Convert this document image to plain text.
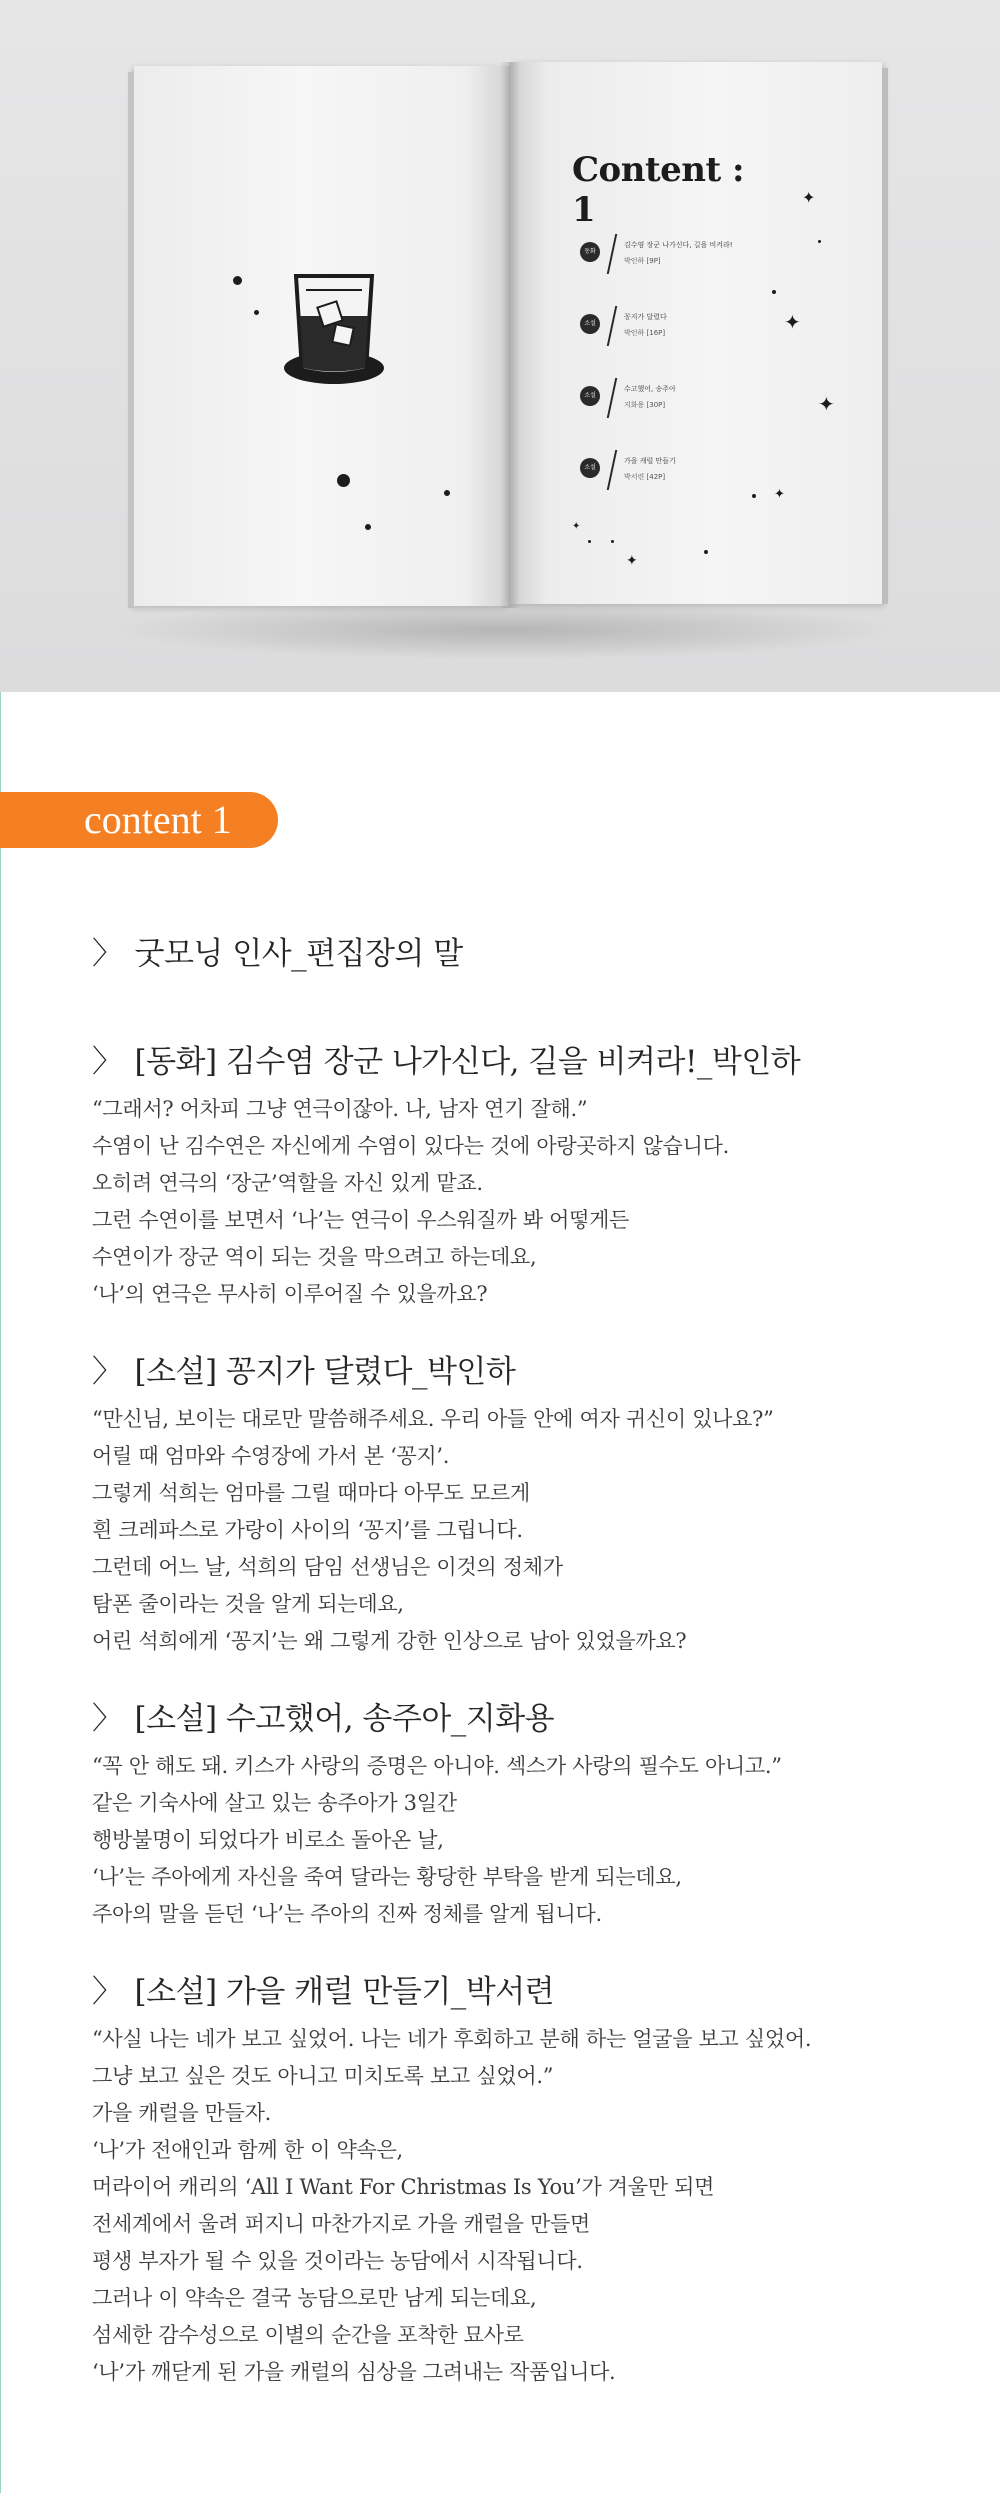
Content : 1
동화
김수염 장군 나가신다, 길을 비켜라!
박인하 [9P]
소설
꽁지가 달렸다
박인하 [16P]
소설
수고했어, 송주아
지화용 [30P]
소설
가을 캐럴 만들기
박서련 [42P]
✦
✦
✦
✦
✦
✦
content 1
〉 굿모닝 인사_편집장의 말
〉 [동화] 김수염 장군 나가신다, 길을 비켜라!_박인하
“그래서? 어차피 그냥 연극이잖아. 나, 남자 연기 잘해.”
수염이 난 김수연은 자신에게 수염이 있다는 것에 아랑곳하지 않습니다.
오히려 연극의 ‘장군’역할을 자신 있게 맡죠.
그런 수연이를 보면서 ‘나’는 연극이 우스워질까 봐 어떻게든
수연이가 장군 역이 되는 것을 막으려고 하는데요,
‘나’의 연극은 무사히 이루어질 수 있을까요?
〉 [소설] 꽁지가 달렸다_박인하
“만신님, 보이는 대로만 말씀해주세요. 우리 아들 안에 여자 귀신이 있나요?”
어릴 때 엄마와 수영장에 가서 본 ‘꽁지’.
그렇게 석희는 엄마를 그릴 때마다 아무도 모르게
흰 크레파스로 가랑이 사이의 ‘꽁지’를 그립니다.
그런데 어느 날, 석희의 담임 선생님은 이것의 정체가
탐폰 줄이라는 것을 알게 되는데요,
어린 석희에게 ‘꽁지’는 왜 그렇게 강한 인상으로 남아 있었을까요?
〉 [소설] 수고했어, 송주아_지화용
“꼭 안 해도 돼. 키스가 사랑의 증명은 아니야. 섹스가 사랑의 필수도 아니고.”
같은 기숙사에 살고 있는 송주아가 3일간
행방불명이 되었다가 비로소 돌아온 날,
‘나’는 주아에게 자신을 죽여 달라는 황당한 부탁을 받게 되는데요,
주아의 말을 듣던 ‘나’는 주아의 진짜 정체를 알게 됩니다.
〉 [소설] 가을 캐럴 만들기_박서련
“사실 나는 네가 보고 싶었어. 나는 네가 후회하고 분해 하는 얼굴을 보고 싶었어.
그냥 보고 싶은 것도 아니고 미치도록 보고 싶었어.”
가을 캐럴을 만들자.
‘나’가 전애인과 함께 한 이 약속은,
머라이어 캐리의 ‘All I Want For Christmas Is You’가 겨울만 되면
전세계에서 울려 퍼지니 마찬가지로 가을 캐럴을 만들면
평생 부자가 될 수 있을 것이라는 농담에서 시작됩니다.
그러나 이 약속은 결국 농담으로만 남게 되는데요,
섬세한 감수성으로 이별의 순간을 포착한 묘사로
‘나’가 깨닫게 된 가을 캐럴의 심상을 그려내는 작품입니다.
